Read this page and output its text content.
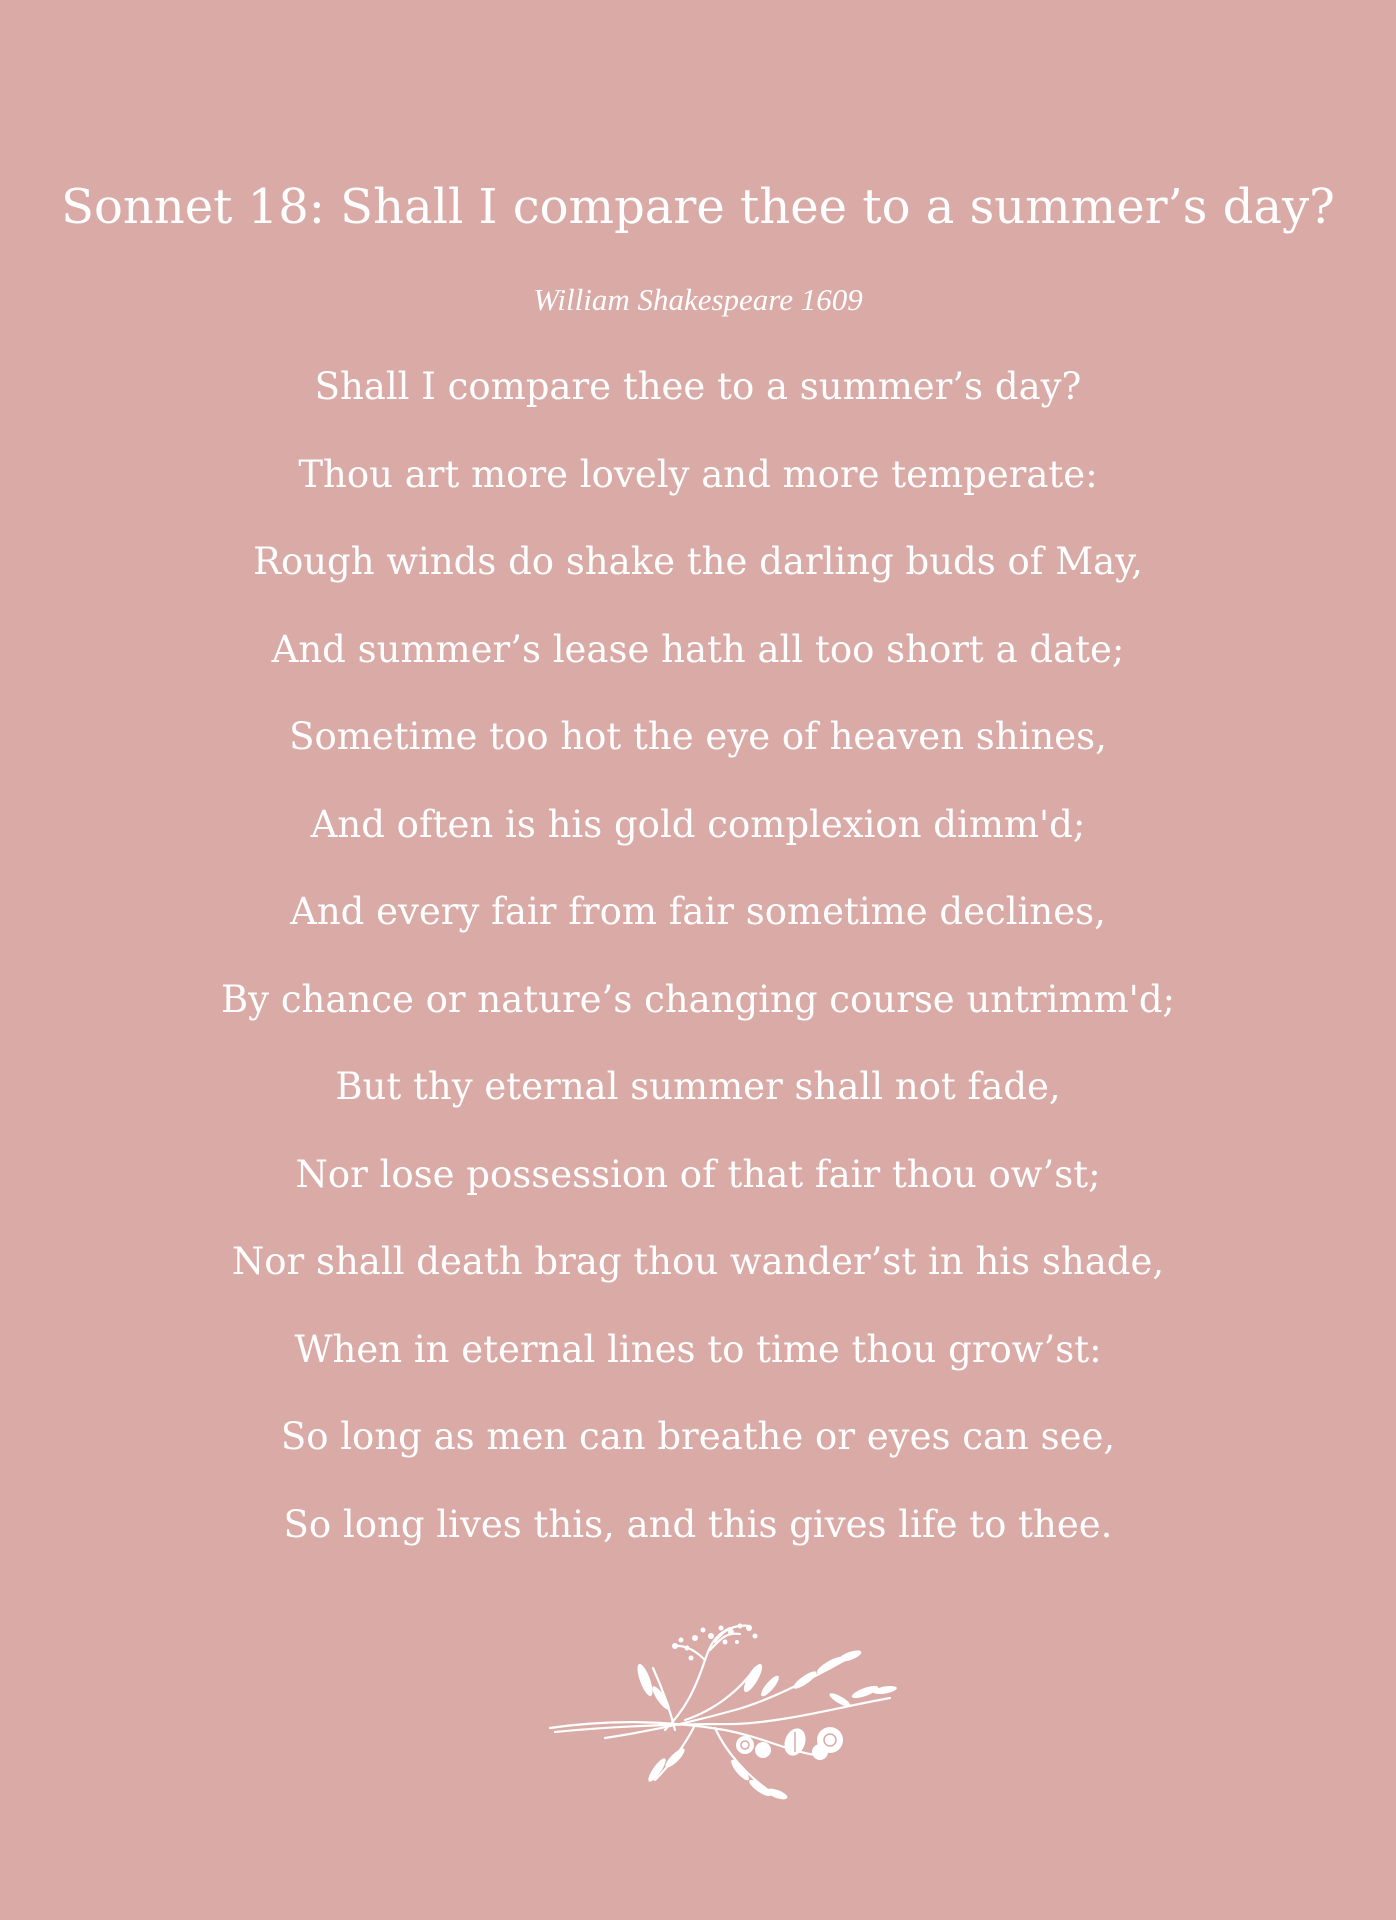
Sonnet 18: Shall I compare thee to a summer’s day?

William Shakespeare 1609

Shall I compare thee to a summer’s day?
Thou art more lovely and more temperate:
Rough winds do shake the darling buds of May,
And summer’s lease hath all too short a date;
Sometime too hot the eye of heaven shines,
And often is his gold complexion dimm'd;
And every fair from fair sometime declines,
By chance or nature’s changing course untrimm'd;
But thy eternal summer shall not fade,
Nor lose possession of that fair thou ow’st;
Nor shall death brag thou wander’st in his shade,
When in eternal lines to time thou grow’st:
So long as men can breathe or eyes can see,
So long lives this, and this gives life to thee.
